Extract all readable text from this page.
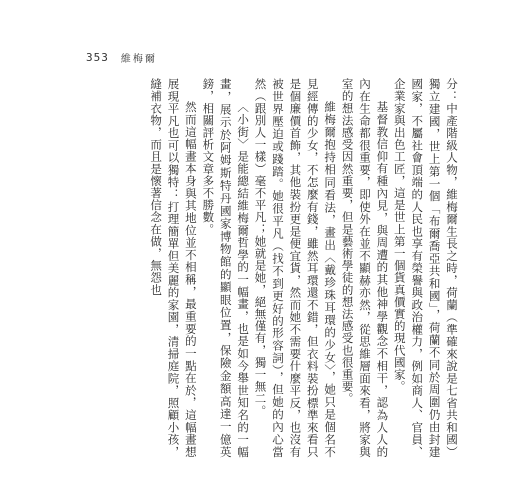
353 維梅爾

分：中產階級人物，維梅爾生長之時，荷蘭（準確來說是七省共和國）獨立建國，世上第一個「布爾喬亞共和國」，荷蘭不同於周圍仍由封建國家，不屬社會頂端的人民也享有榮譽與政治權力，例如商人、官員、企業家與出色工匠，這是世上第一個貨真價實的現代國家。

基督教信仰有種內見，與周遭的其他神學觀念不相干，認為人人的內在生命都很重要，即使外在並不顯赫亦然，從思維層面來看，將家與室的想法感受因然重要，但是藝術學徒的想法感受也很重要。

維梅爾抱持相同看法，畫出〈戴珍珠耳環的少女〉，她只是個名不見經傳的少女，不怎麼有錢，雖然耳環還不錯，但衣料裝扮標準來看只是個廉價首飾，其他裝扮更是便宜貨，然而她不需要什麼平反，也沒有被世界壓迫或踐踏。她很平凡（找不到更好的形容詞），但她的內心當然（跟別人一樣）毫不平凡；她就是她，絕無僅有，獨一無二。

〈小街〉是能總結維梅爾哲學的一幅畫，也是如今舉世知名的一幅畫，展示於阿姆斯特丹國家博物館的顯眼位置，保險金額高達一億英鎊，相關評析文章多不勝數。

然而這幅畫本身與其地位並不相稱，最重要的一點在於，這幅畫想展現平凡也可以獨特：打理簡單但美麗的家園，清掃庭院，照顧小孩，縫補衣物，而且是懷著信念在做，無怨也
